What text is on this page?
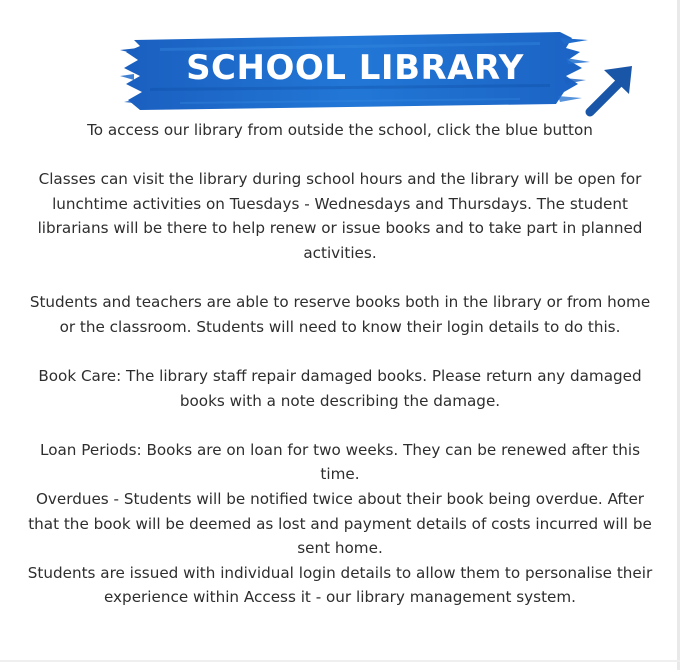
SCHOOL LIBRARY

To access our library from outside the school, click the blue button

Classes can visit the library during school hours and the library will be open for lunchtime activities on Tuesdays - Wednesdays and Thursdays. The student librarians will be there to help renew or issue books and to take part in planned activities.

Students and teachers are able to reserve books both in the library or from home or the classroom. Students will need to know their login details to do this.

Book Care: The library staff repair damaged books. Please return any damaged books with a note describing the damage.

Loan Periods: Books are on loan for two weeks. They can be renewed after this time.

Overdues - Students will be notified twice about their book being overdue. After that the book will be deemed as lost and payment details of costs incurred will be sent home.

Students are issued with individual login details to allow them to personalise their experience within Access it - our library management system.
